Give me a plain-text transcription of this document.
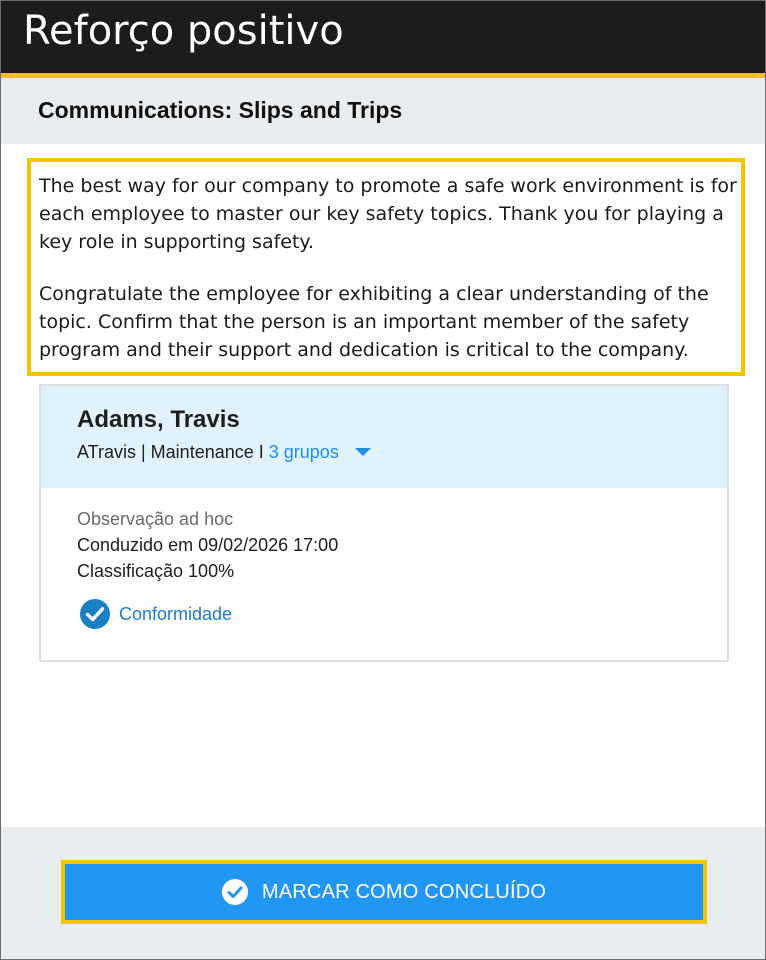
Reforço positivo
Communications: Slips and Trips

The best way for our company to promote a safe work environment is for each employee to master our key safety topics. Thank you for playing a key role in supporting safety.

Congratulate the employee for exhibiting a clear understanding of the topic. Confirm that the person is an important member of the safety program and their support and dedication is critical to the company.

Adams, Travis
ATravis | Maintenance I 3 grupos
Observação ad hoc
Conduzido em 09/02/2026 17:00
Classificação 100%
Conformidade
MARCAR COMO CONCLUÍDO
